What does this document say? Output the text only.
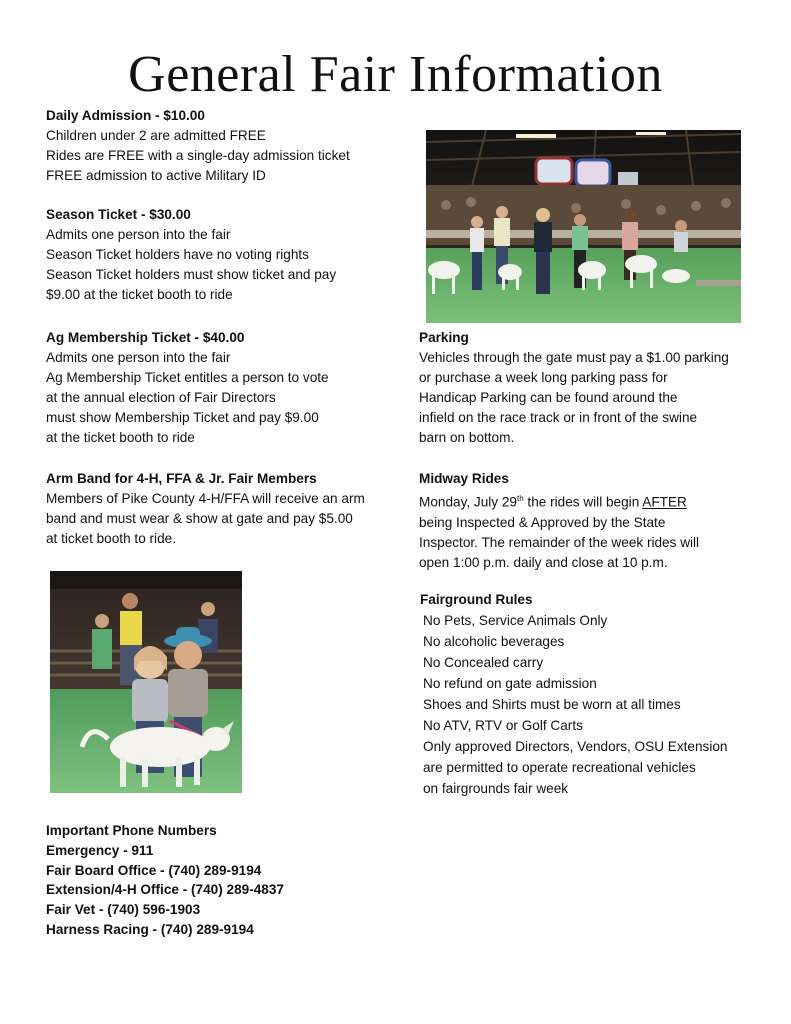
General Fair Information
Daily Admission - $10.00
Children under 2 are admitted FREE
Rides are FREE with a single-day admission ticket
FREE admission to active Military ID
Season Ticket - $30.00
Admits one person into the fair
Season Ticket holders have no voting rights
Season Ticket holders must show ticket and pay
$9.00 at the ticket booth to ride
Ag Membership Ticket - $40.00
Admits one person into the fair
Ag Membership Ticket entitles a person to vote
at the annual election of Fair Directors
must show Membership Ticket and pay $9.00
at the ticket booth to ride
Arm Band for 4-H, FFA & Jr. Fair Members
Members of Pike County 4-H/FFA will receive an arm
band and must wear & show at gate and pay $5.00
at ticket booth to ride.
Parking
Vehicles through the gate must pay a $1.00 parking
or purchase a week long parking pass for
Handicap Parking can be found around the
infield on the race track or in front of the swine
barn on bottom.
Midway Rides
Monday, July 29th the rides will begin AFTER
being Inspected & Approved by the State
Inspector. The remainder of the week rides will
open 1:00 p.m. daily and close at 10 p.m.
Fairground Rules
No Pets, Service Animals Only
No alcoholic beverages
No Concealed carry
No refund on gate admission
Shoes and Shirts must be worn at all times
No ATV, RTV or Golf Carts
Only approved Directors, Vendors, OSU Extension
are permitted to operate recreational vehicles
on fairgrounds fair week
Important Phone Numbers
Emergency - 911
Fair Board Office - (740) 289-9194
Extension/4-H Office - (740) 289-4837
Fair Vet - (740) 596-1903
Harness Racing - (740) 289-9194
